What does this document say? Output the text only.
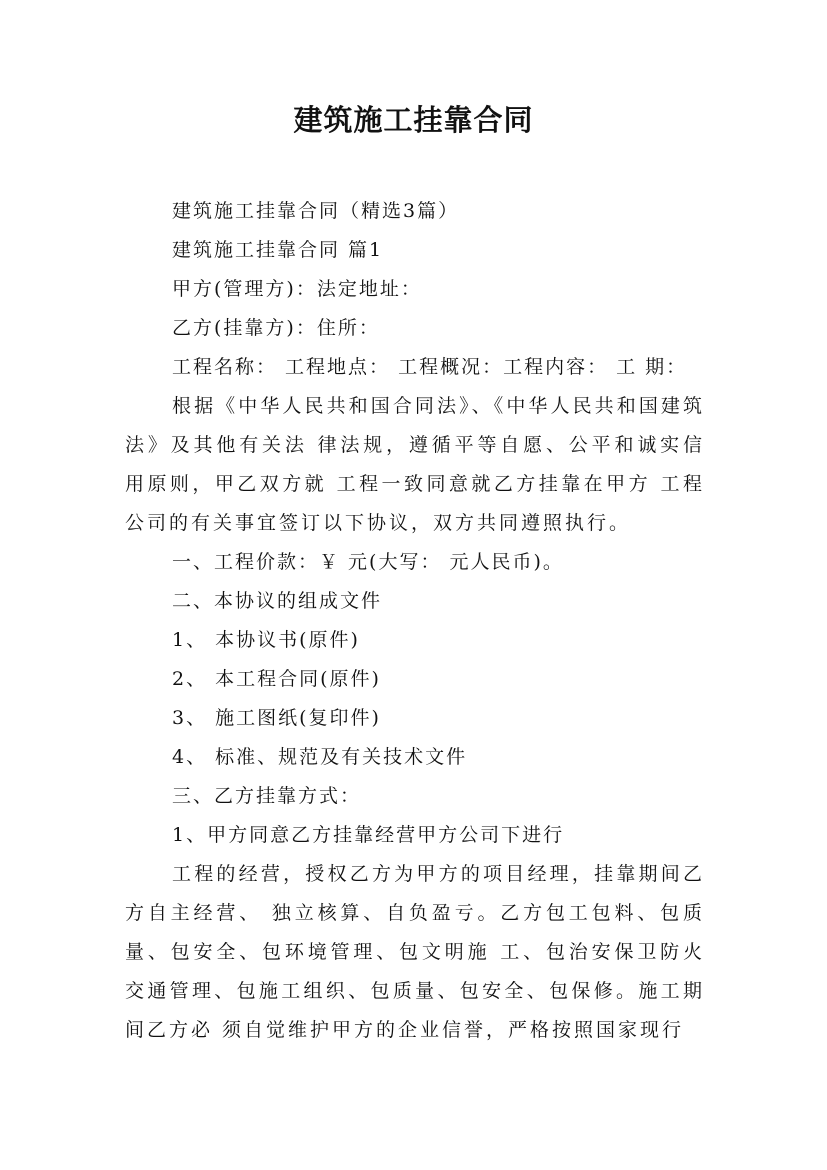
建筑施工挂靠合同
建筑施工挂靠合同（精选3篇）
建筑施工挂靠合同 篇1
甲方(管理方)：法定地址：
乙方(挂靠方)：住所：
工程名称： 工程地点： 工程概况：工程内容： 工 期：
根据《中华人民共和国合同法》、《中华人民共和国建筑法》及其他有关法 律法规，遵循平等自愿、公平和诚实信用原则，甲乙双方就 工程一致同意就乙方挂靠在甲方 工程公司的有关事宜签订以下协议，双方共同遵照执行。
一、工程价款：￥ 元(大写： 元人民币)。
二、本协议的组成文件
1、 本协议书(原件)
2、 本工程合同(原件)
3、 施工图纸(复印件)
4、 标准、规范及有关技术文件
三、乙方挂靠方式：
1、甲方同意乙方挂靠经营甲方公司下进行
工程的经营，授权乙方为甲方的项目经理，挂靠期间乙方自主经营、 独立核算、自负盈亏。乙方包工包料、包质量、包安全、包环境管理、包文明施 工、包治安保卫防火交通管理、包施工组织、包质量、包安全、包保修。施工期间乙方必 须自觉维护甲方的企业信誉，严格按照国家现行
